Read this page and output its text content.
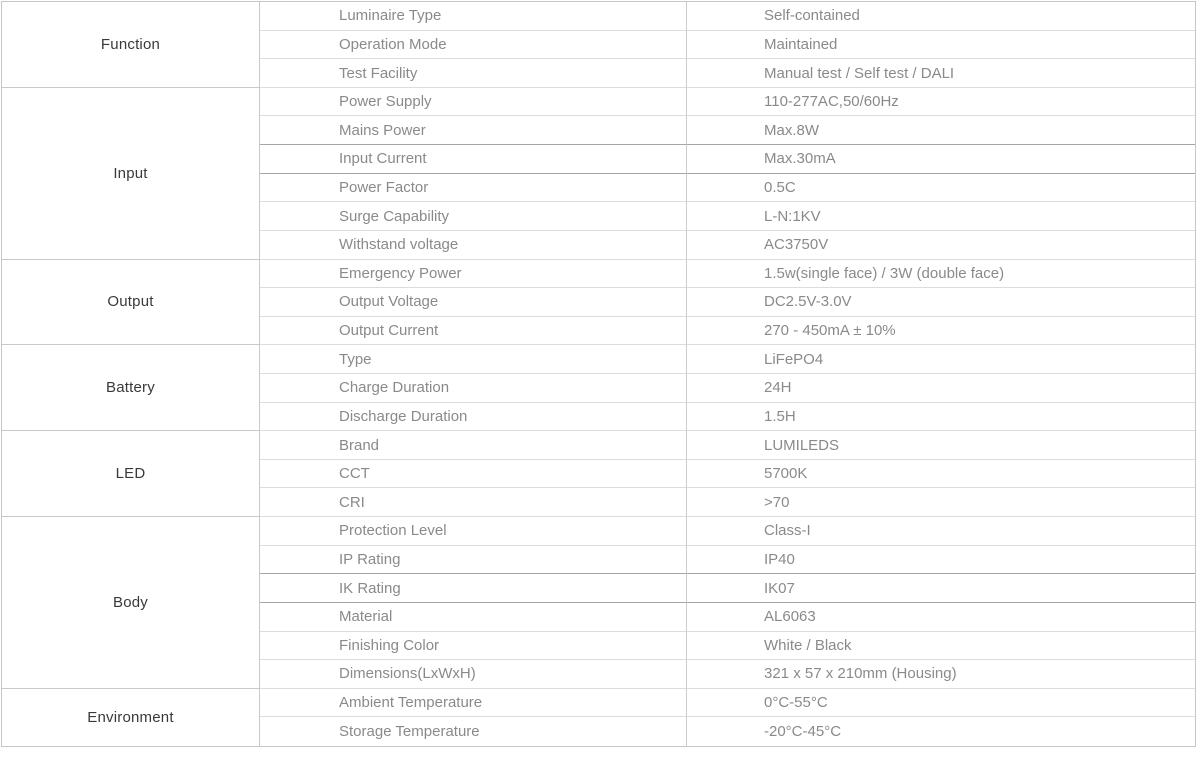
Function
Luminaire Type	Self-contained
Operation Mode	Maintained
Test Facility	Manual test / Self test / DALI
Input
Power Supply	110-277AC,50/60Hz
Mains Power	Max.8W
Input Current	Max.30mA
Power Factor	0.5C
Surge Capability	L-N:1KV
Withstand voltage	AC3750V
Output
Emergency Power	1.5w(single face) / 3W (double face)
Output Voltage	DC2.5V-3.0V
Output Current	270 - 450mA ± 10%
Battery
Type	LiFePO4
Charge Duration	24H
Discharge Duration	1.5H
LED
Brand	LUMILEDS
CCT	5700K
CRI	>70
Body
Protection Level	Class-I
IP Rating	IP40
IK Rating	IK07
Material	AL6063
Finishing Color	White / Black
Dimensions(LxWxH)	321 x 57 x 210mm (Housing)
Environment
Ambient Temperature	0°C-55°C
Storage Temperature	-20°C-45°C
